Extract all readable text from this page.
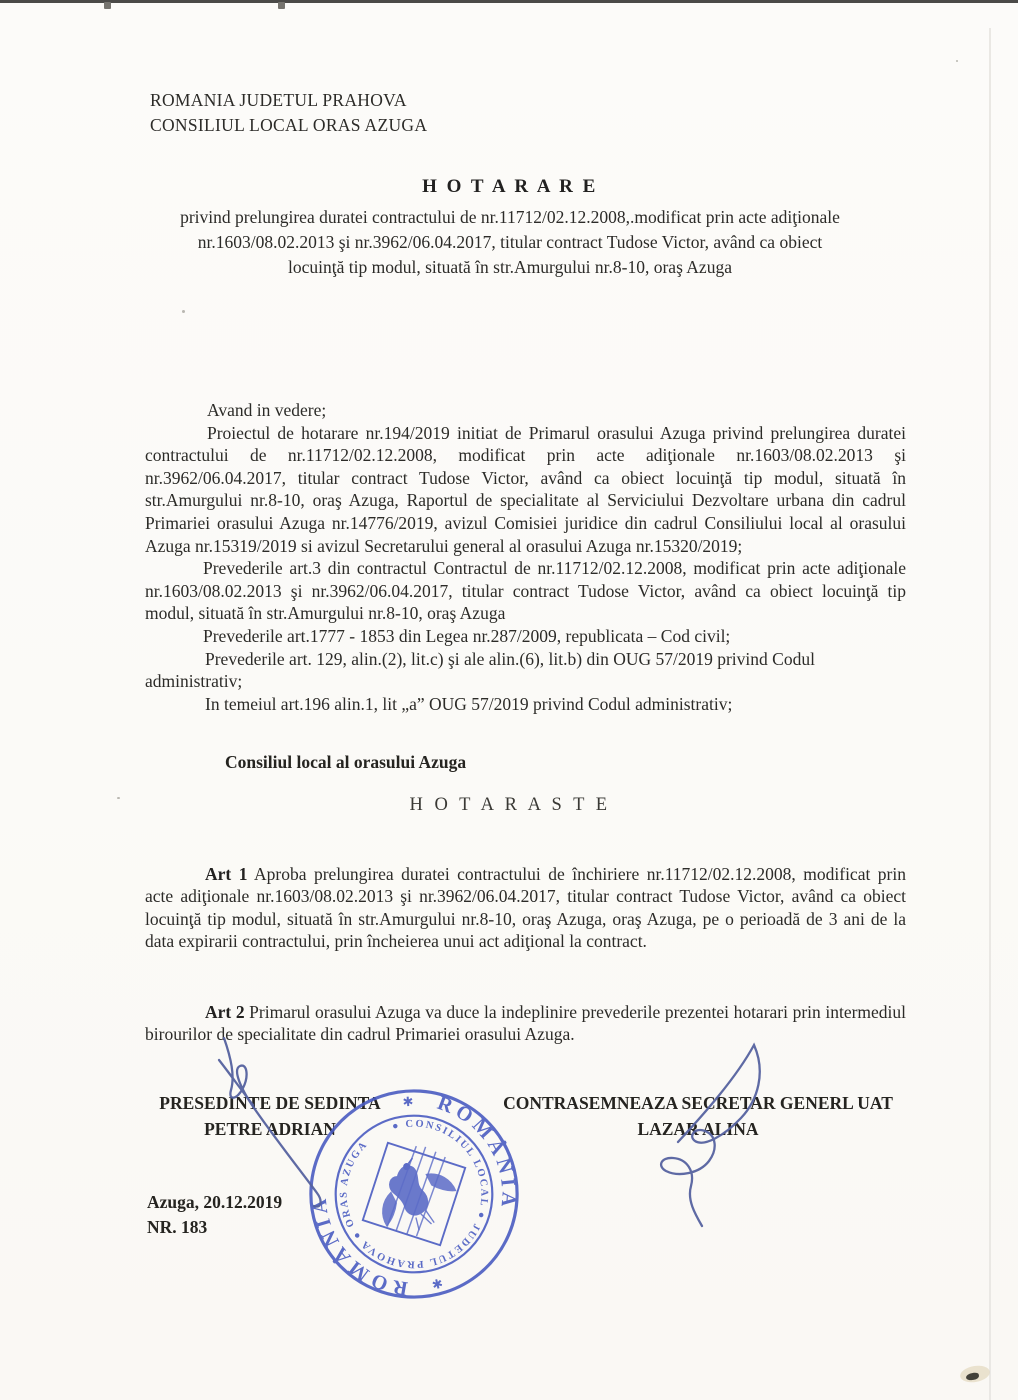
ROMANIA JUDETUL PRAHOVA
CONSILIUL LOCAL ORAS AZUGA
H O T A R A R E
privind prelungirea duratei contractului de nr.11712/02.12.2008,.modificat prin acte adiţionale
nr.1603/08.02.2013 şi nr.3962/06.04.2017, titular contract Tudose Victor, având ca obiect
locuinţă tip modul, situată în str.Amurgului nr.8-10, oraş Azuga

Avand in vedere;

Proiectul de hotarare nr.194/2019 initiat de Primarul orasului Azuga privind prelungirea duratei contractului de nr.11712/02.12.2008, modificat prin acte adiţionale nr.1603/08.02.2013 şi nr.3962/06.04.2017, titular contract Tudose Victor, având ca obiect locuinţă tip modul, situată în str.Amurgului nr.8-10, oraş Azuga, Raportul de specialitate al Serviciului Dezvoltare urbana din cadrul Primariei orasului Azuga nr.14776/2019, avizul Comisiei juridice din cadrul Consiliului local al orasului Azuga nr.15319/2019 si avizul Secretarului general al orasului Azuga nr.15320/2019;

Prevederile art.3 din contractul Contractul de nr.11712/02.12.2008, modificat prin acte adiţionale nr.1603/08.02.2013 şi nr.3962/06.04.2017, titular contract Tudose Victor, având ca obiect locuinţă tip modul, situată în str.Amurgului nr.8-10, oraş Azuga

Prevederile art.1777 - 1853 din Legea nr.287/2009, republicata – Cod civil;

Prevederile art. 129, alin.(2), lit.c) şi ale alin.(6), lit.b) din OUG 57/2019 privind Codul administrativ;

In temeiul art.196 alin.1, lit „a” OUG 57/2019 privind Codul administrativ;

Consiliul local al orasului Azuga
H O T A R A S T E

Art 1 Aproba prelungirea duratei contractului de închiriere nr.11712/02.12.2008, modificat prin acte adiţionale nr.1603/08.02.2013 şi nr.3962/06.04.2017, titular contract Tudose Victor, având ca obiect locuinţă tip modul, situată în str.Amurgului nr.8-10, oraş Azuga, oraş Azuga, pe o perioadă de 3 ani de la data expirarii contractului, prin încheierea unui act adiţional la contract.

Art 2 Primarul orasului Azuga va duce la indeplinire prevederile prezentei hotarari prin intermediul birourilor de specialitate din cadrul Primariei orasului Azuga.

PRESEDINTE DE SEDINTA
PETRE ADRIAN
CONTRASEMNEAZA SECRETAR GENERL UAT
LAZAR ALINA
Azuga, 20.12.2019
NR. 183
ROMÂNIA
ROMÂNIA
✱
✱
● CONSILIUL LOCAL ● JUDETUL PRAHOVA ● ORAS AZUGA
